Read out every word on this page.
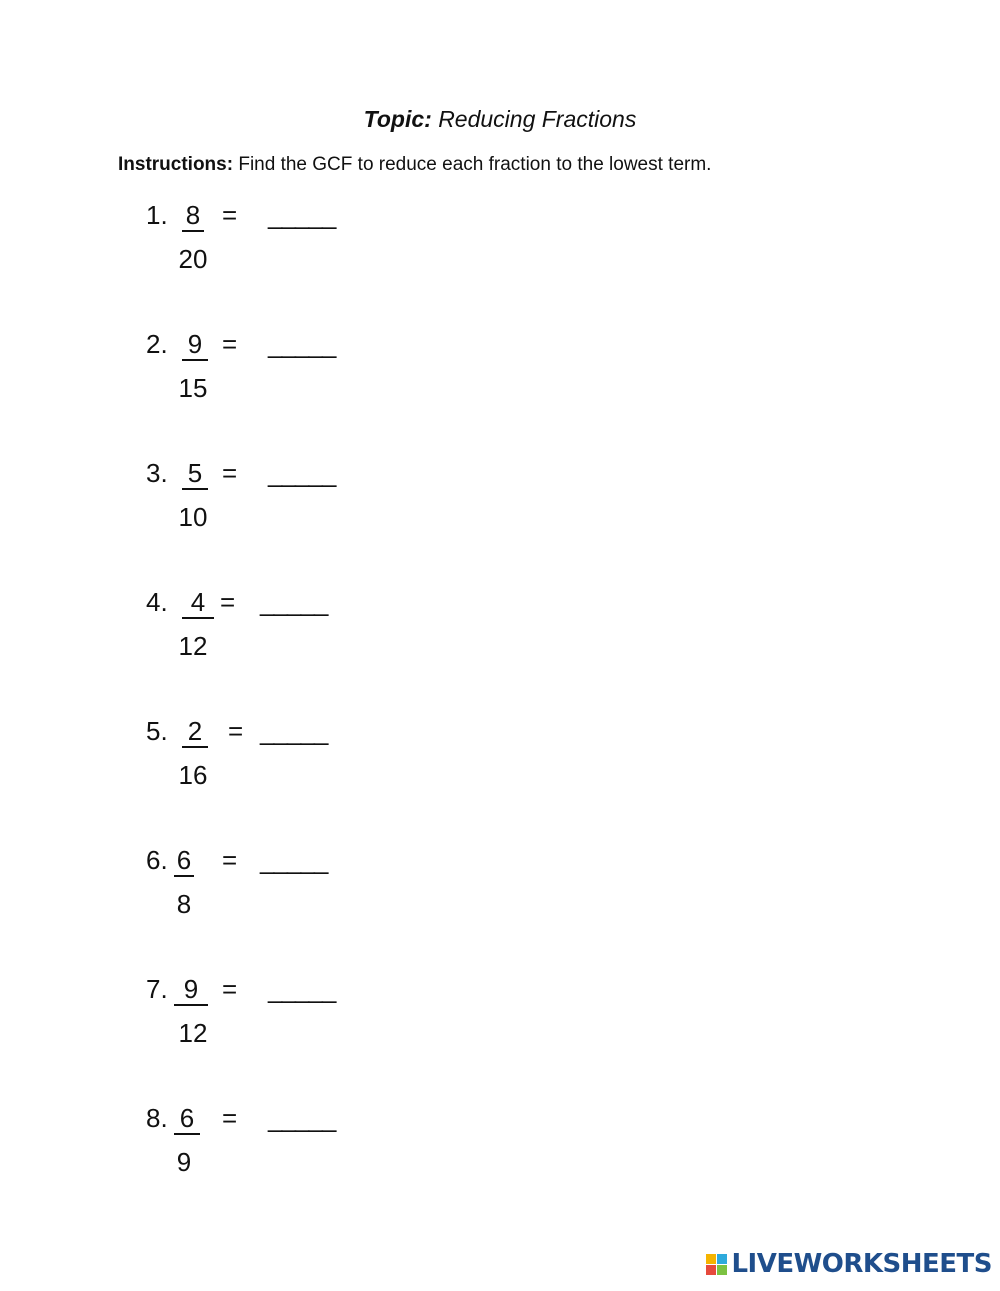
Topic: Reducing Fractions
Instructions: Find the GCF to reduce each fraction to the lowest term.
1. 8
20
= _____
2. 9
15
= _____
3. 5
10
= _____
4. 4
12
= _____
5. 2
16
= _____
6. 6
8
= _____
7. 9
12
= _____
8. 6
9
= _____
LIVEWORKSHEETS
